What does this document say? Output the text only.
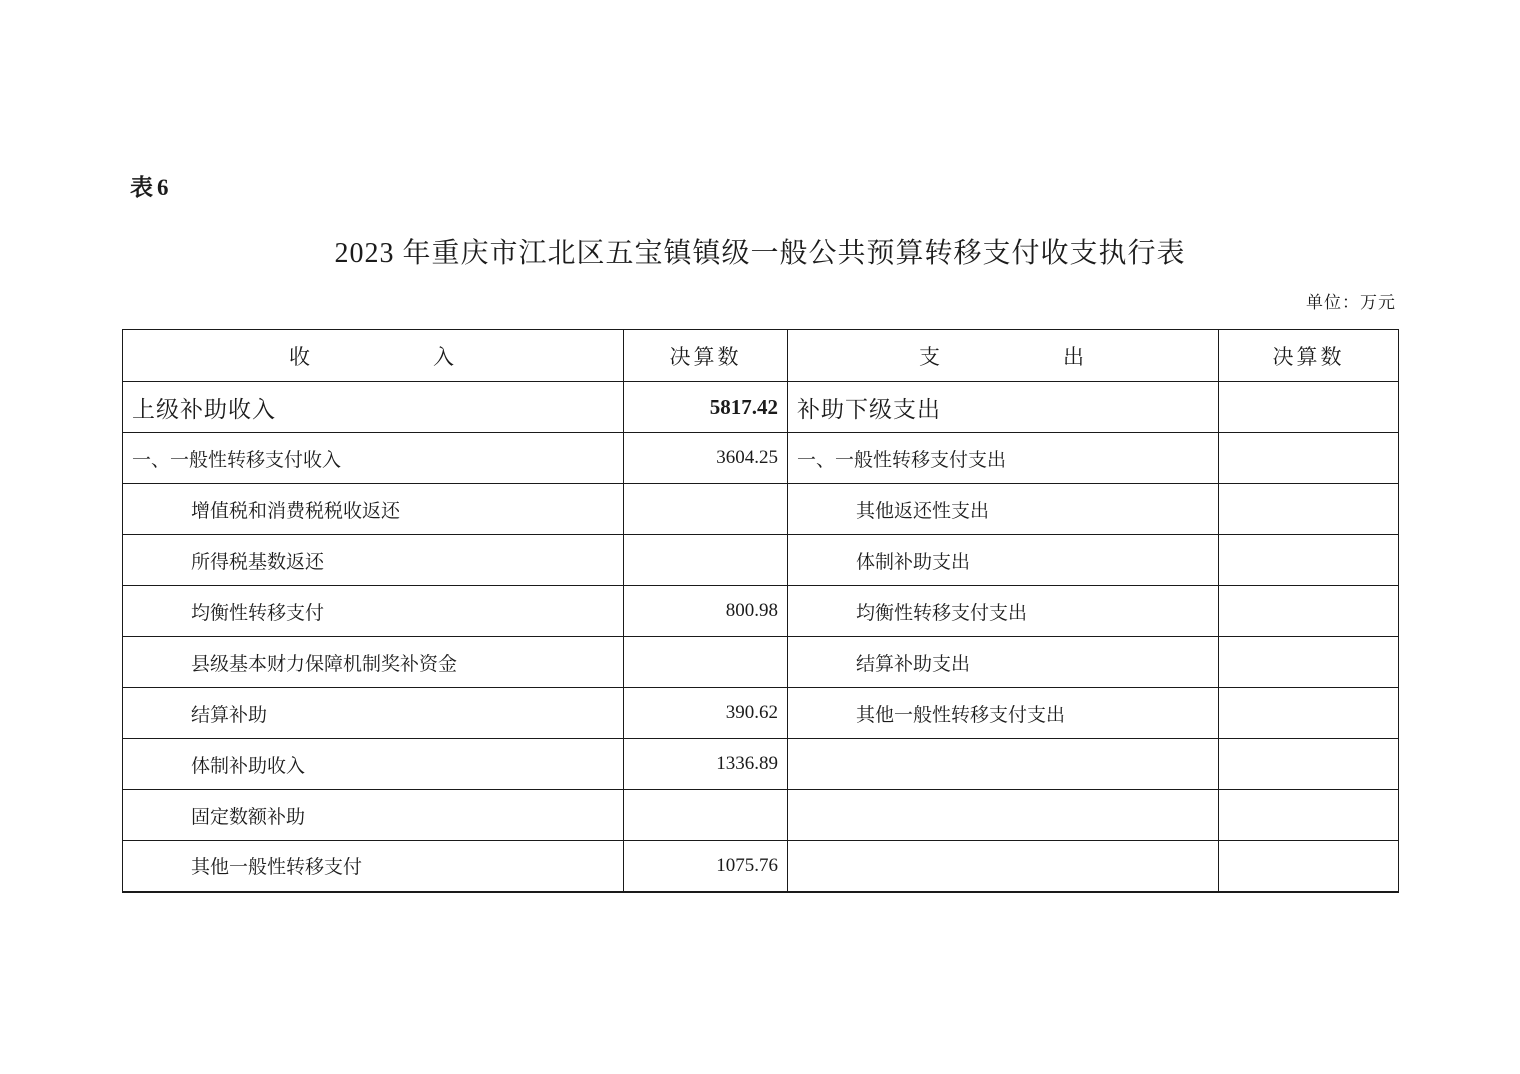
表6
2023 年重庆市江北区五宝镇镇级一般公共预算转移支付收支执行表
单位：万元
收　　　　　入	决算数	支　　　　　出	决算数
上级补助收入	5817.42	补助下级支出	
一、一般性转移支付收入	3604.25	一、一般性转移支付支出	
增值税和消费税税收返还		其他返还性支出	
所得税基数返还		体制补助支出	
均衡性转移支付	800.98	均衡性转移支付支出	
县级基本财力保障机制奖补资金		结算补助支出	
结算补助	390.62	其他一般性转移支付支出	
体制补助收入	1336.89		
固定数额补助			
其他一般性转移支付	1075.76		
